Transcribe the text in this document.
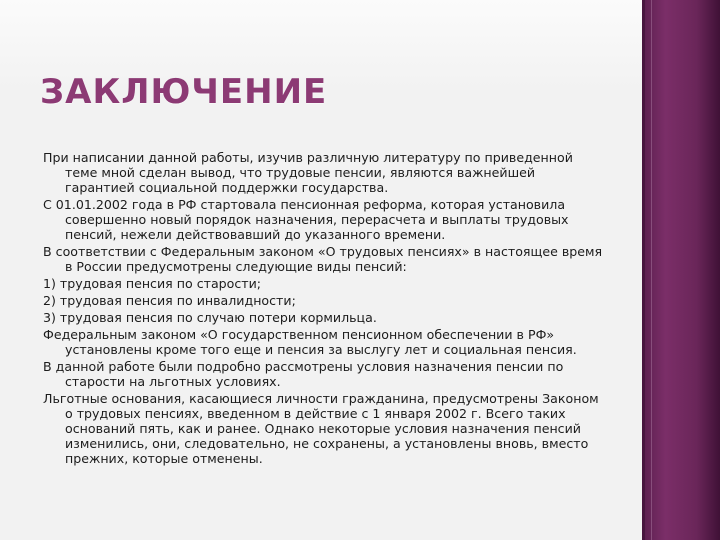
ЗАКЛЮЧЕНИЕ

При написании данной работы, изучив различную литературу по приведенной теме мной сделан вывод, что трудовые пенсии, являются важнейшей гарантией социальной поддержки государства.

С 01.01.2002 года в РФ стартовала пенсионная реформа, которая установила совершенно новый порядок назначения, перерасчета и выплаты трудовых пенсий, нежели действовавший до указанного времени.

В соответствии с Федеральным законом «О трудовых пенсиях» в настоящее время в России предусмотрены следующие виды пенсий:

1) трудовая пенсия по старости;

2) трудовая пенсия по инвалидности;

3) трудовая пенсия по случаю потери кормильца.

Федеральным законом «О государственном пенсионном обеспечении в РФ» установлены кроме того еще и пенсия за выслугу лет и социальная пенсия.

В данной работе были подробно рассмотрены условия назначения пенсии по старости на льготных условиях.

Льготные основания, касающиеся личности гражданина, предусмотрены Законом о трудовых пенсиях, введенном в действие с 1 января 2002 г. Всего таких оснований пять, как и ранее. Однако некоторые условия назначения пенсий изменились, они, следовательно, не сохранены, а установлены вновь, вместо прежних, которые отменены.
